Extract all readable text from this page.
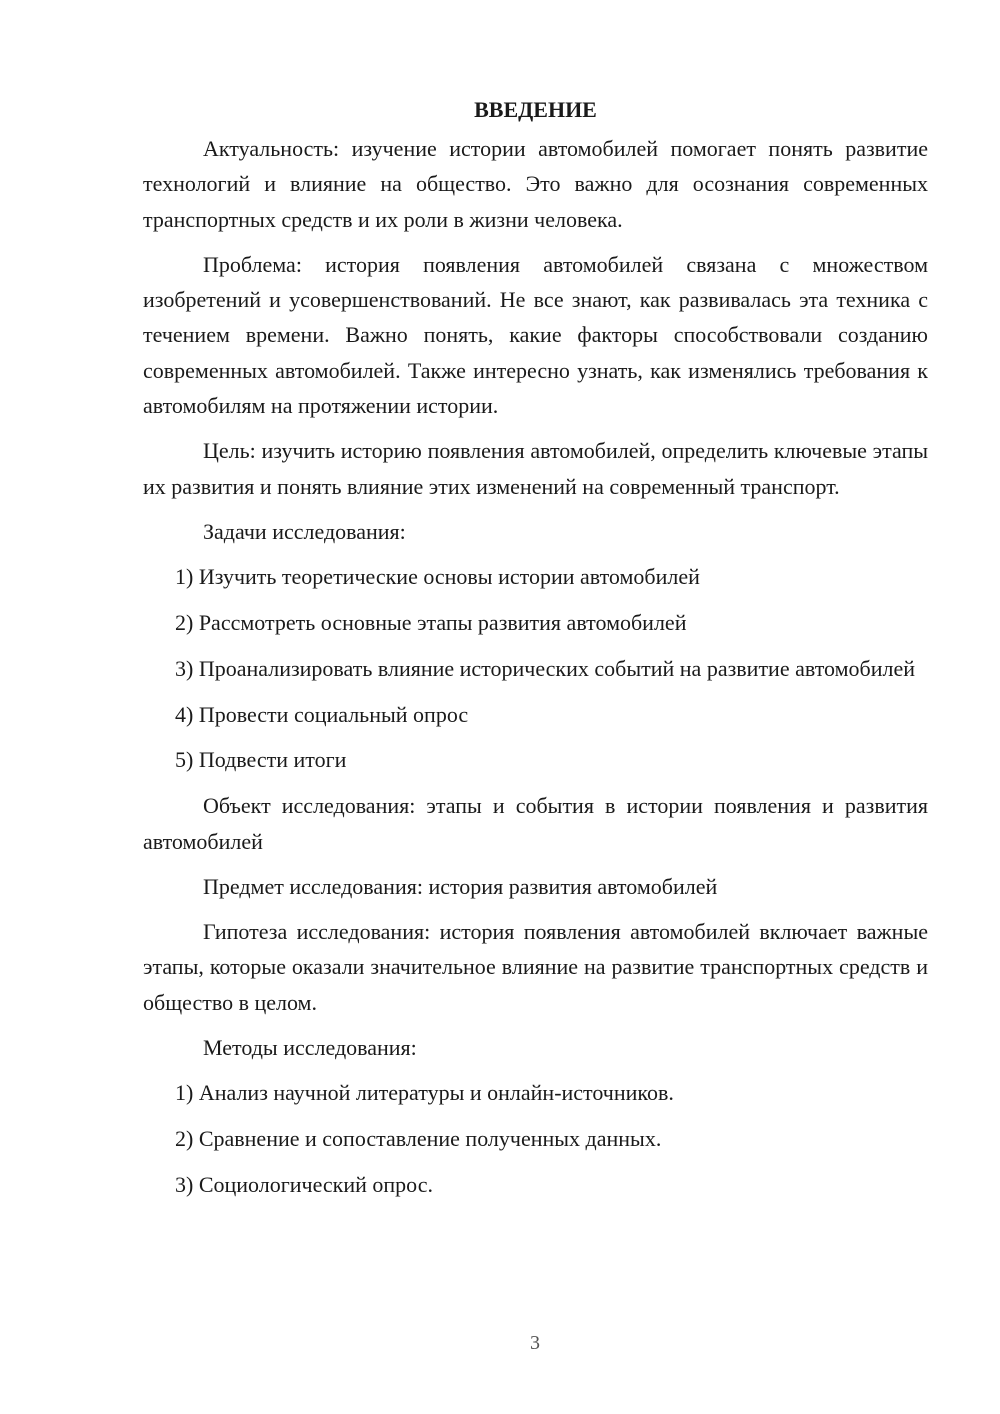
ВВЕДЕНИЕ
Актуальность: изучение истории автомобилей помогает понять развитие технологий и влияние на общество. Это важно для осознания современных транспортных средств и их роли в жизни человека.
Проблема: история появления автомобилей связана с множеством изобретений и усовершенствований. Не все знают, как развивалась эта техника с течением времени. Важно понять, какие факторы способствовали созданию современных автомобилей. Также интересно узнать, как изменялись требования к автомобилям на протяжении истории.
Цель: изучить историю появления автомобилей, определить ключевые этапы их развития и понять влияние этих изменений на современный транспорт.
Задачи исследования:
1) Изучить теоретические основы истории автомобилей
2) Рассмотреть основные этапы развития автомобилей
3) Проанализировать влияние исторических событий на развитие автомобилей
4) Провести социальный опрос
5) Подвести итоги
Объект исследования: этапы и события в истории появления и развития автомобилей
Предмет исследования: история развития автомобилей
Гипотеза исследования: история появления автомобилей включает важные этапы, которые оказали значительное влияние на развитие транспортных средств и общество в целом.
Методы исследования:
1) Анализ научной литературы и онлайн-источников.
2) Сравнение и сопоставление полученных данных.
3) Социологический опрос.
3
